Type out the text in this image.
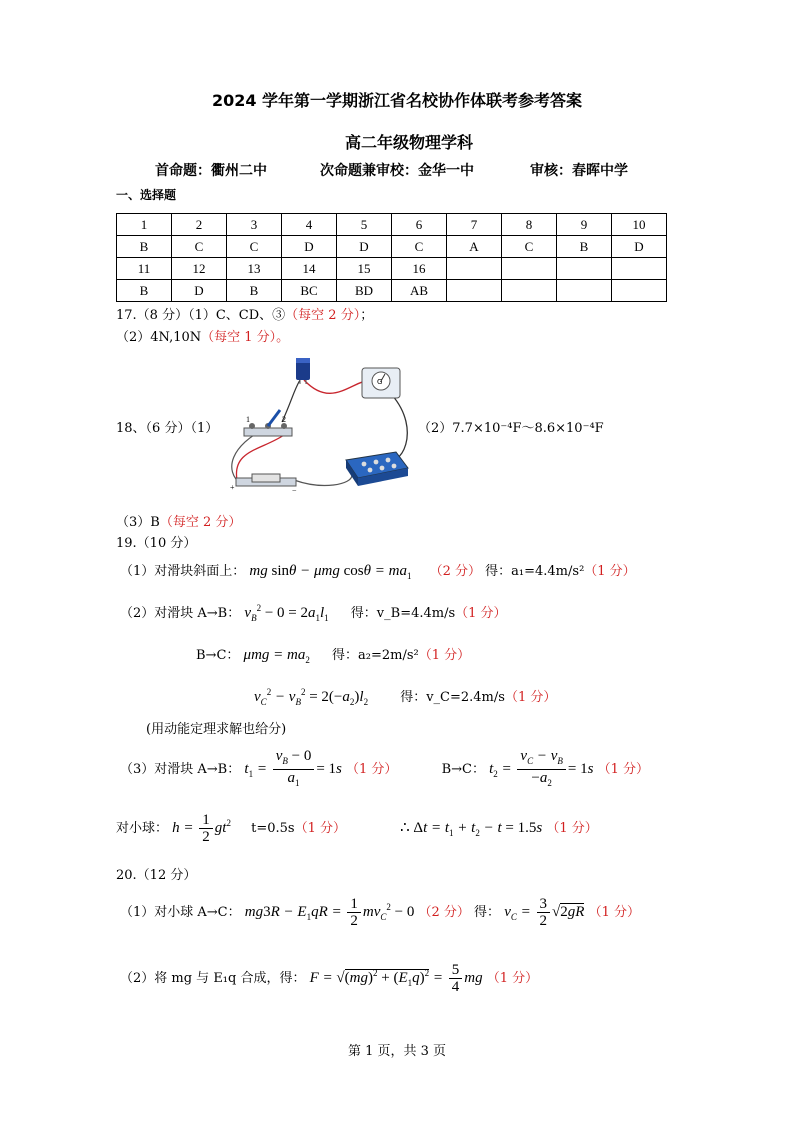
2024 学年第一学期浙江省名校协作体联考参考答案
高二年级物理学科
首命题：衢州二中	次命题兼审校：金华一中	审核：春晖中学
一、选择题
1	2	3	4	5	6	7	8	9	10
B	C	C	D	D	C	A	C	B	D
11	12	13	14	15	16				
B	D	B	BC	BD	AB				
17.（8 分）（1）C、CD、③（每空 2 分）；
（2）4N,10N（每空 1 分）。
18、（6 分）（1）
G
1	2
+	−
（2）7.7×10⁻⁴F～8.6×10⁻⁴F
（3）B（每空 2 分）
19.（10 分）
（1）对滑块斜面上： mg sinθ − μmg $\cos\theta = ma_1$ （2 分） 得：a₁=4.4m/s²（1 分）
（2）对滑块 A→B： $v_B^2 - 0 = 2a_1l_1$ 得：v_B=4.4m/s（1 分）
B→C： $\mu mg = ma_2$ 得：a₂=2m/s²（1 分）
$v_C^2 - v_B^2 = 2(-a_2)l_2$ 得：v_C=2.4m/s（1 分）
(用动能定理求解也给分)
（3）对滑块 A→B： $t_1 = \frac{v_B - 0}{a_1} = 1s$ （1 分）	B→C： $t_2 = \frac{v_C - v_B}{-a_2} = 1s$ （1 分）
对小球： $h = \frac{1}{2} gt^2$ t=0.5s（1 分）	∴ $\Delta t = t_1 + t_2 - t = 1.5s$ （1 分）
20.（12 分）
（1）对小球 A→C： $mg3R - E_1qR = \frac{1}{2} mv_C^2 - 0$ （2 分） 得： $v_C = \frac{3}{2} √2gR$ （1 分）
（2）将 mg 与 E₁q 合成，得： $F = √(mg)^2 + (E_1q)^2 = \frac{5}{4}$ mg （1 分）
第 1 页，共 3 页
